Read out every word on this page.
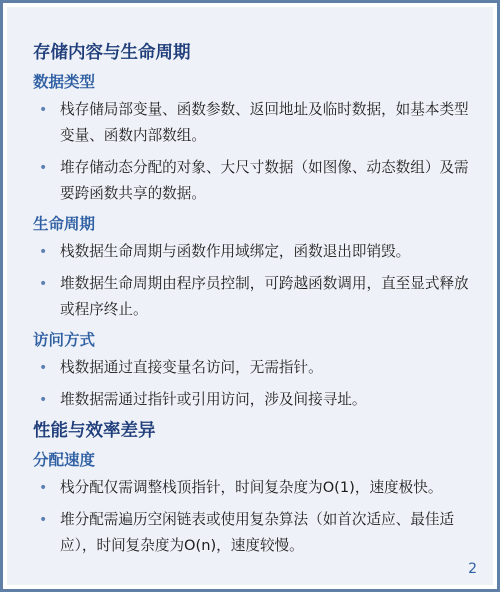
存储内容与生命周期
数据类型
• 栈存储局部变量、函数参数、返回地址及临时数据，如基本类型变量、函数内部数组。
• 堆存储动态分配的对象、大尺寸数据（如图像、动态数组）及需要跨函数共享的数据。
生命周期
• 栈数据生命周期与函数作用域绑定，函数退出即销毁。
• 堆数据生命周期由程序员控制，可跨越函数调用，直至显式释放或程序终止。
访问方式
• 栈数据通过直接变量名访问，无需指针。
• 堆数据需通过指针或引用访问，涉及间接寻址。
性能与效率差异
分配速度
• 栈分配仅需调整栈顶指针，时间复杂度为O(1)，速度极快。
• 堆分配需遍历空闲链表或使用复杂算法（如首次适应、最佳适应），时间复杂度为O(n)，速度较慢。
2
